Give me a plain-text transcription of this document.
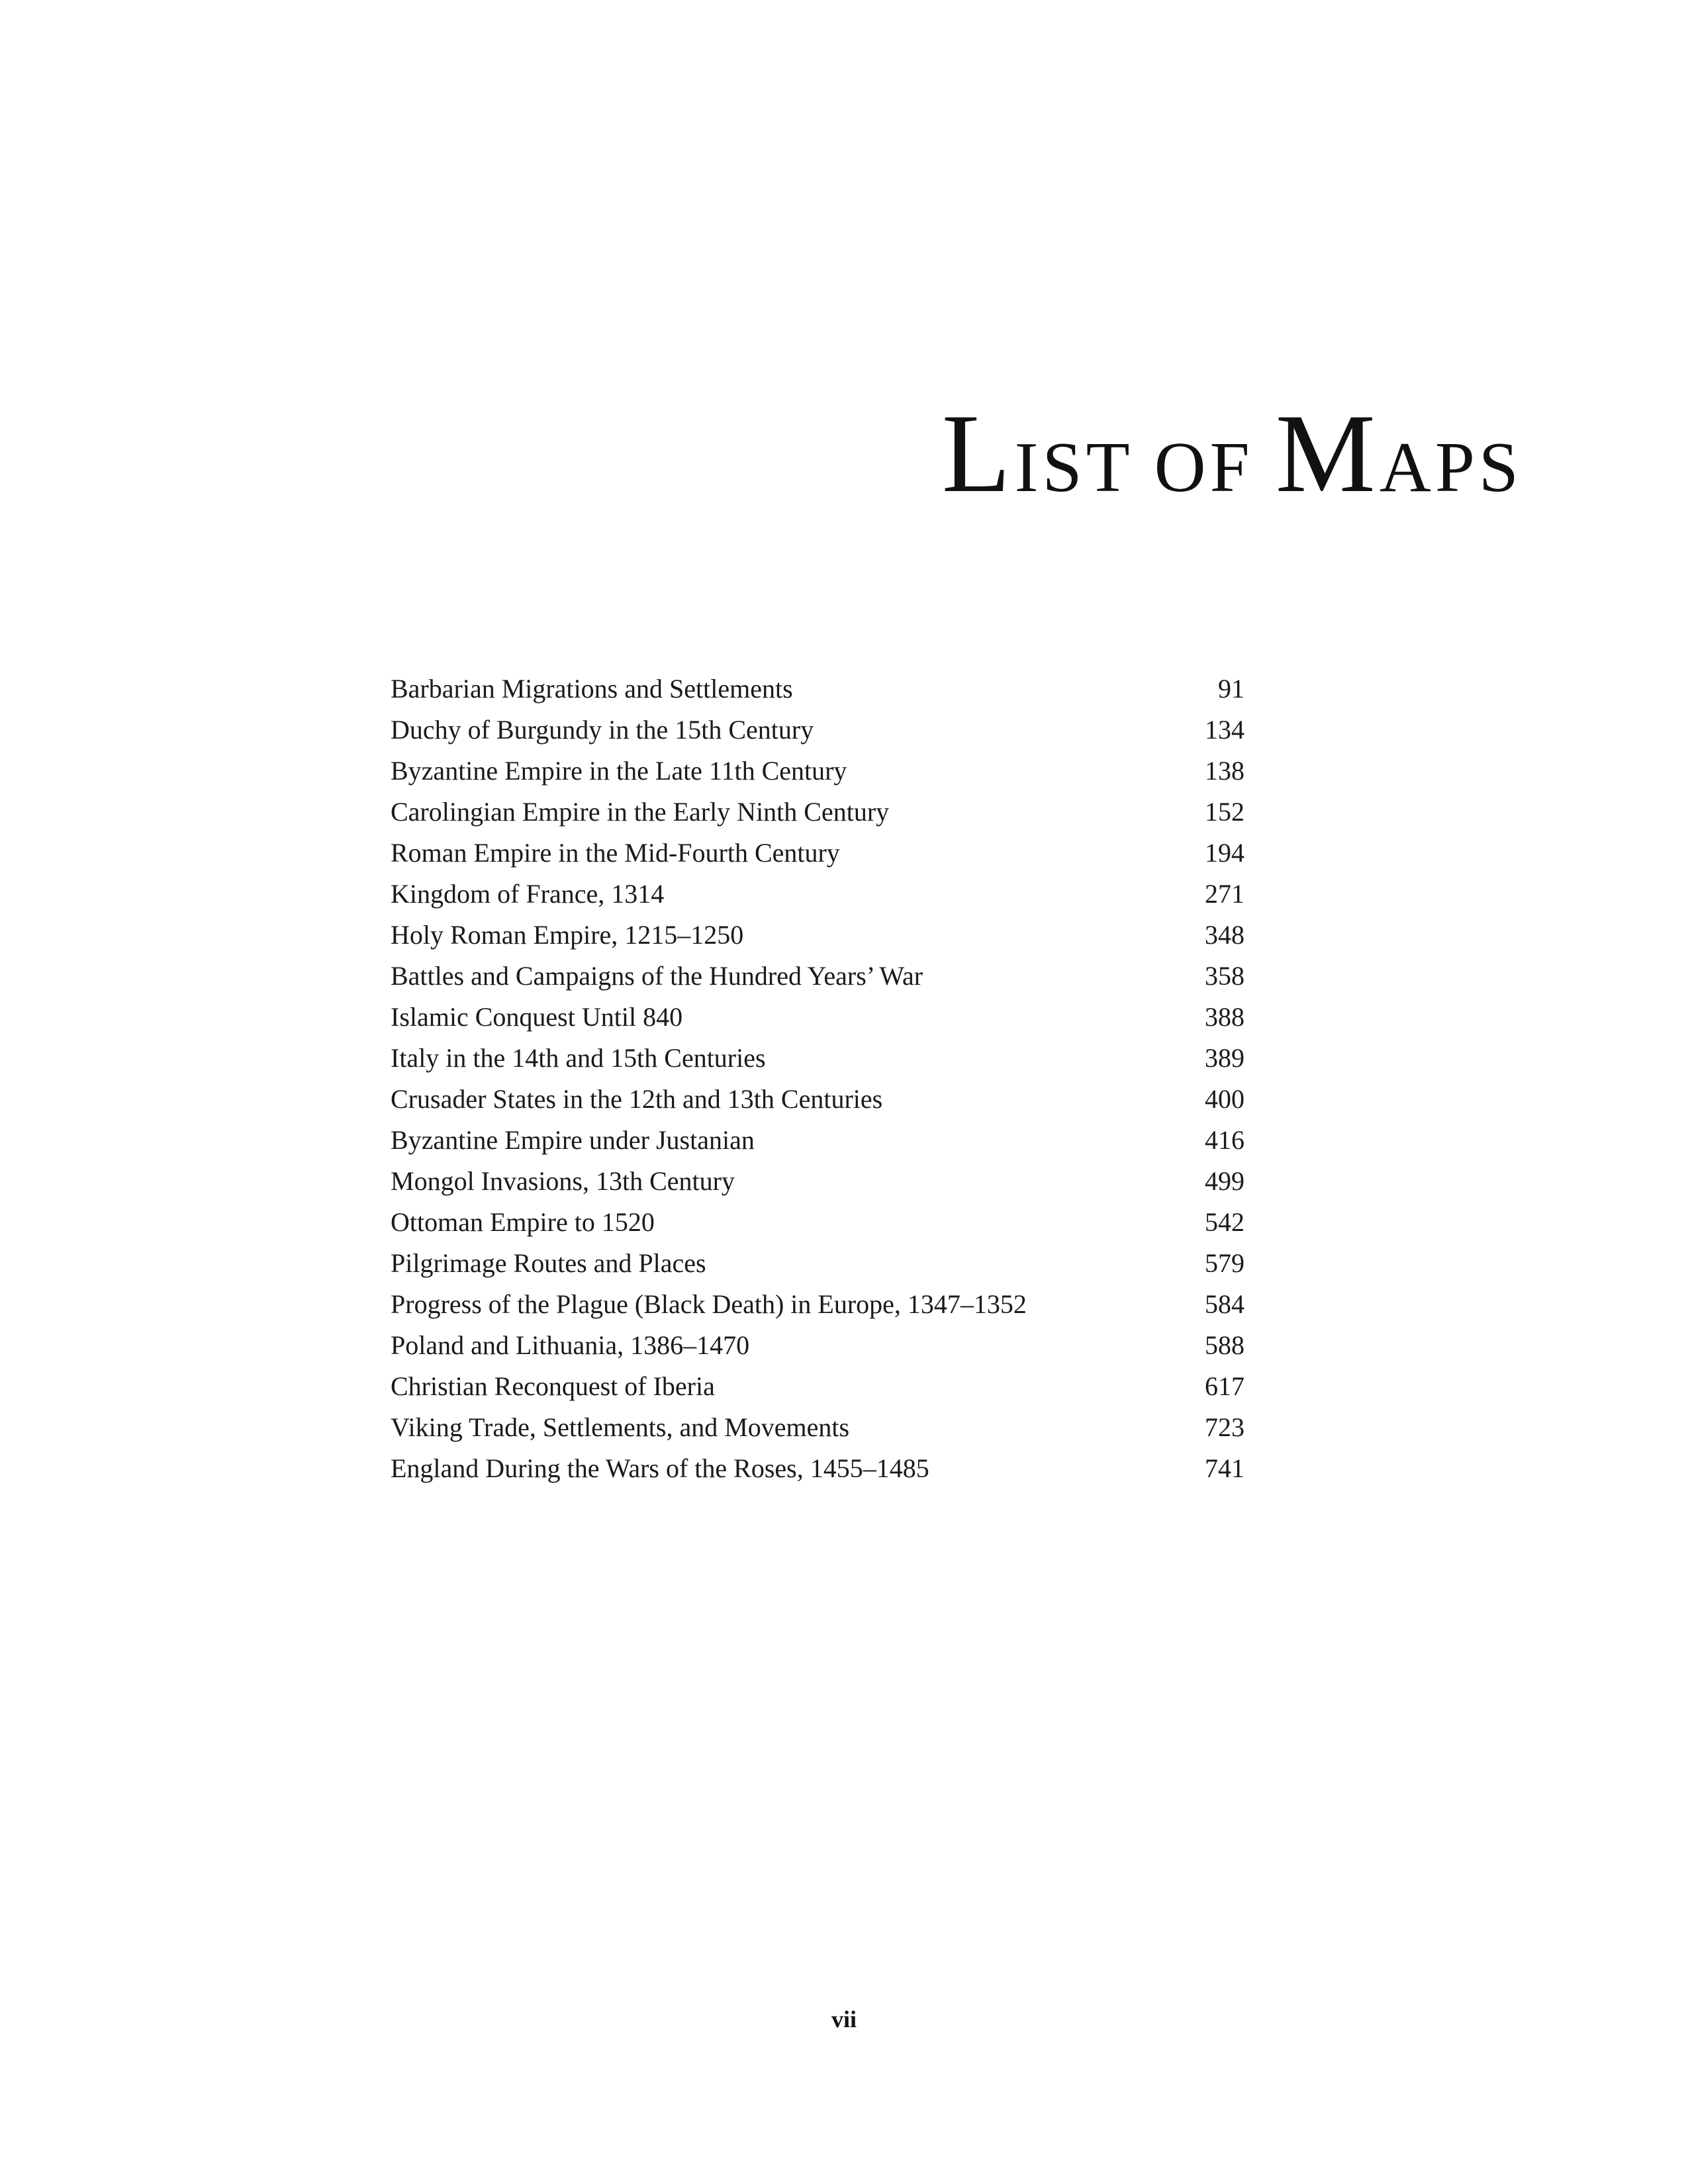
LIST OF MAPS
Barbarian Migrations and Settlements	91
Duchy of Burgundy in the 15th Century	134
Byzantine Empire in the Late 11th Century	138
Carolingian Empire in the Early Ninth Century	152
Roman Empire in the Mid-Fourth Century	194
Kingdom of France, 1314	271
Holy Roman Empire, 1215–1250	348
Battles and Campaigns of the Hundred Years’ War	358
Islamic Conquest Until 840	388
Italy in the 14th and 15th Centuries	389
Crusader States in the 12th and 13th Centuries	400
Byzantine Empire under Justanian	416
Mongol Invasions, 13th Century	499
Ottoman Empire to 1520	542
Pilgrimage Routes and Places	579
Progress of the Plague (Black Death) in Europe, 1347–1352	584
Poland and Lithuania, 1386–1470	588
Christian Reconquest of Iberia	617
Viking Trade, Settlements, and Movements	723
England During the Wars of the Roses, 1455–1485	741
vii
